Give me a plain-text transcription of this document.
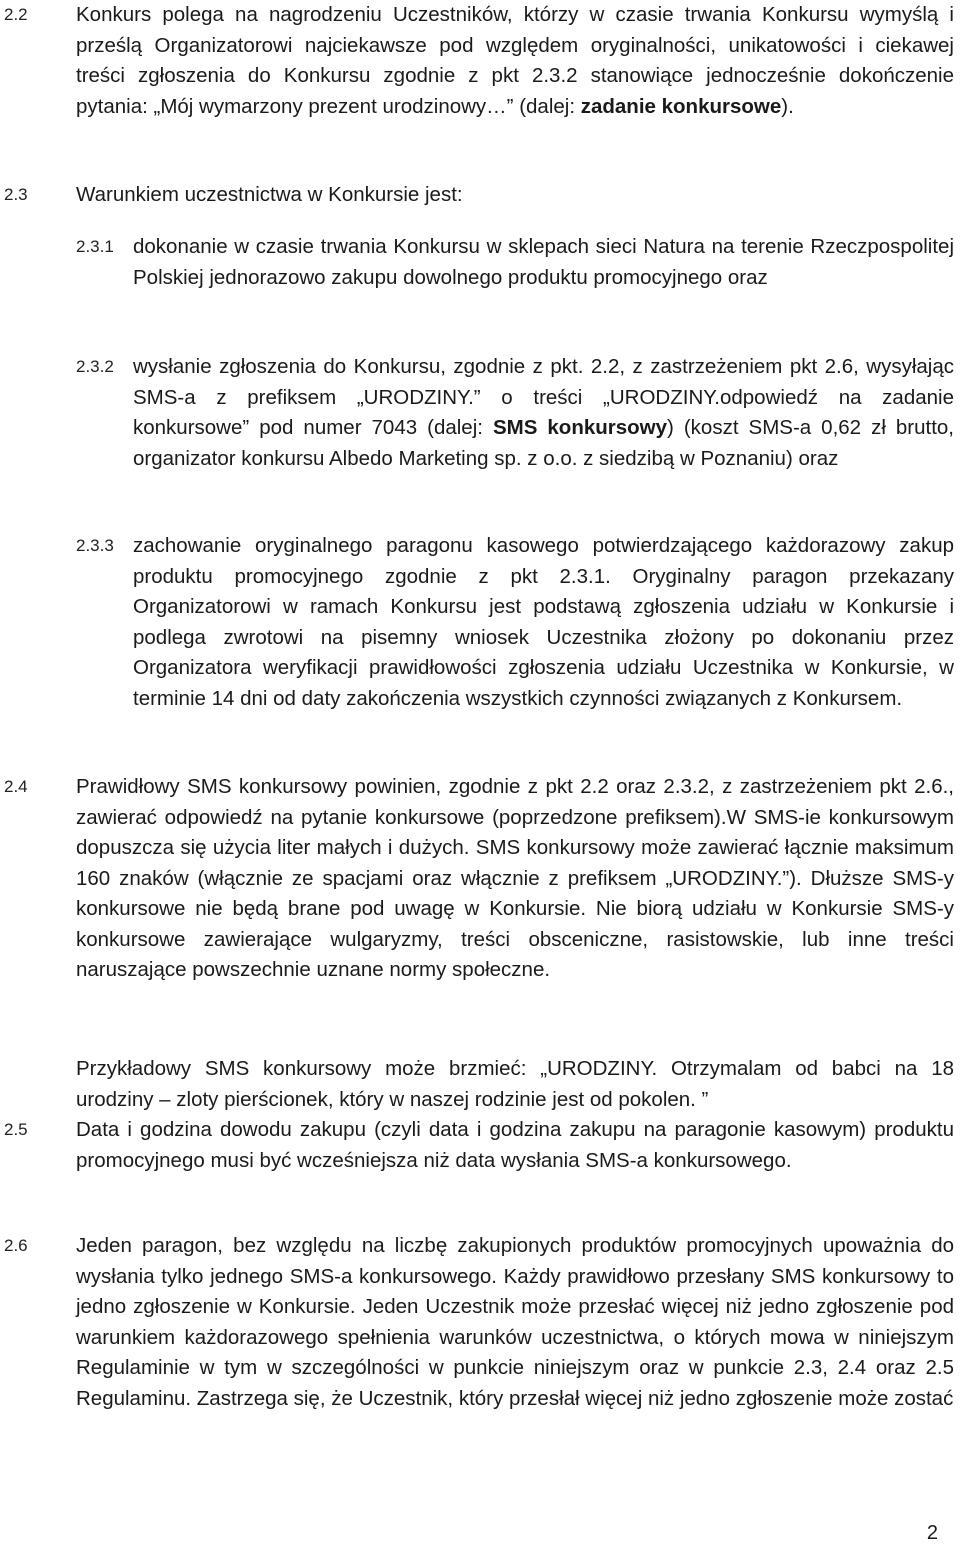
2.2 Konkurs polega na nagrodzeniu Uczestników, którzy w czasie trwania Konkursu wymyślą i prześlą Organizatorowi najciekawsze pod względem oryginalności, unikatowości i ciekawej treści zgłoszenia do Konkursu zgodnie z pkt 2.3.2 stanowiące jednocześnie dokończenie pytania: „Mój wymarzony prezent urodzinowy…” (dalej: zadanie konkursowe).
2.3 Warunkiem uczestnictwa w Konkursie jest:
2.3.1 dokonanie w czasie trwania Konkursu w sklepach sieci Natura na terenie Rzeczpospolitej Polskiej jednorazowo zakupu dowolnego produktu promocyjnego oraz
2.3.2 wysłanie zgłoszenia do Konkursu, zgodnie z pkt. 2.2, z zastrzeżeniem pkt 2.6, wysyłając SMS-a z prefiksem „URODZINY.” o treści „URODZINY.odpowiedź na zadanie konkursowe” pod numer 7043 (dalej: SMS konkursowy) (koszt SMS-a 0,62 zł brutto, organizator konkursu Albedo Marketing sp. z o.o. z siedzibą w Poznaniu) oraz
2.3.3 zachowanie oryginalnego paragonu kasowego potwierdzającego każdorazowy zakup produktu promocyjnego zgodnie z pkt 2.3.1. Oryginalny paragon przekazany Organizatorowi w ramach Konkursu jest podstawą zgłoszenia udziału w Konkursie i podlega zwrotowi na pisemny wniosek Uczestnika złożony po dokonaniu przez Organizatora weryfikacji prawidłowości zgłoszenia udziału Uczestnika w Konkursie, w terminie 14 dni od daty zakończenia wszystkich czynności związanych z Konkursem.
2.4 Prawidłowy SMS konkursowy powinien, zgodnie z pkt 2.2 oraz 2.3.2, z zastrzeżeniem pkt 2.6., zawierać odpowiedź na pytanie konkursowe (poprzedzone prefiksem).W SMS-ie konkursowym dopuszcza się użycia liter małych i dużych. SMS konkursowy może zawierać łącznie maksimum 160 znaków (włącznie ze spacjami oraz włącznie z prefiksem „URODZINY.”). Dłuższe SMS-y konkursowe nie będą brane pod uwagę w Konkursie. Nie biorą udziału w Konkursie SMS-y konkursowe zawierające wulgaryzmy, treści obsceniczne, rasistowskie, lub inne treści naruszające powszechnie uznane normy społeczne.
Przykładowy SMS konkursowy może brzmieć: „URODZINY. Otrzymalam od babci na 18 urodziny – zloty pierścionek, który w naszej rodzinie jest od pokolen. ”
2.5 Data i godzina dowodu zakupu (czyli data i godzina zakupu na paragonie kasowym) produktu promocyjnego musi być wcześniejsza niż data wysłania SMS-a konkursowego.
2.6 Jeden paragon, bez względu na liczbę zakupionych produktów promocyjnych upoważnia do wysłania tylko jednego SMS-a konkursowego. Każdy prawidłowo przesłany SMS konkursowy to jedno zgłoszenie w Konkursie. Jeden Uczestnik może przesłać więcej niż jedno zgłoszenie pod warunkiem każdorazowego spełnienia warunków uczestnictwa, o których mowa w niniejszym Regulaminie w tym w szczególności w punkcie niniejszym oraz w punkcie 2.3, 2.4 oraz 2.5 Regulaminu. Zastrzega się, że Uczestnik, który przesłał więcej niż jedno zgłoszenie może zostać
2
